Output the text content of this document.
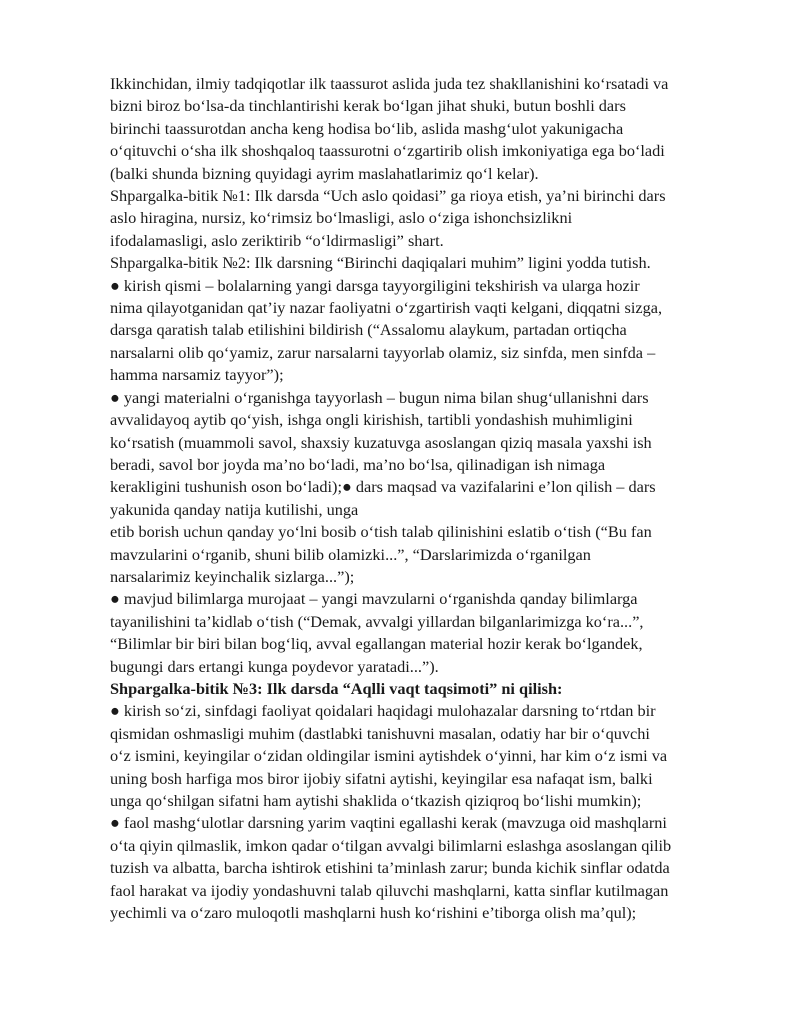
Ikkinchidan, ilmiy tadqiqotlar ilk taassurot aslida juda tez shakllanishini koʻrsatadi va
bizni biroz boʻlsa-da tinchlantirishi kerak boʻlgan jihat shuki, butun boshli dars
birinchi taassurotdan ancha keng hodisa boʻlib, aslida mashgʻulot yakunigacha
oʻqituvchi oʻsha ilk shoshqaloq taassurotni oʻzgartirib olish imkoniyatiga ega boʻladi
(balki shunda bizning quyidagi ayrim maslahatlarimiz qoʻl kelar).
Shpargalka-bitik №1: Ilk darsda “Uch aslo qoidasi” ga rioya etish, ya’ni birinchi dars
aslo hiragina, nursiz, koʻrimsiz boʻlmasligi, aslo oʻziga ishonchsizlikni
ifodalamasligi, aslo zeriktirib “oʻldirmasligi” shart.
Shpargalka-bitik №2: Ilk darsning “Birinchi daqiqalari muhim” ligini yodda tutish.
● kirish qismi – bolalarning yangi darsga tayyorgiligini tekshirish va ularga hozir
nima qilayotganidan qat’iy nazar faoliyatni oʻzgartirish vaqti kelgani, diqqatni sizga,
darsga qaratish talab etilishini bildirish (“Assalomu alaykum, partadan ortiqcha
narsalarni olib qoʻyamiz, zarur narsalarni tayyorlab olamiz, siz sinfda, men sinfda –
hamma narsamiz tayyor”);
● yangi materialni oʻrganishga tayyorlash – bugun nima bilan shugʻullanishni dars
avvalidayoq aytib qoʻyish, ishga ongli kirishish, tartibli yondashish muhimligini
koʻrsatish (muammoli savol, shaxsiy kuzatuvga asoslangan qiziq masala yaxshi ish
beradi, savol bor joyda ma’no boʻladi, ma’no boʻlsa, qilinadigan ish nimaga
kerakligini tushunish oson boʻladi);● dars maqsad va vazifalarini e’lon qilish – dars
yakunida qanday natija kutilishi, unga
etib borish uchun qanday yoʻlni bosib oʻtish talab qilinishini eslatib oʻtish (“Bu fan
mavzularini oʻrganib, shuni bilib olamizki...”, “Darslarimizda oʻrganilgan
narsalarimiz keyinchalik sizlarga...”);
● mavjud bilimlarga murojaat – yangi mavzularni oʻrganishda qanday bilimlarga
tayanilishini ta’kidlab oʻtish (“Demak, avvalgi yillardan bilganlarimizga koʻra...”,
“Bilimlar bir biri bilan bogʻliq, avval egallangan material hozir kerak boʻlgandek,
bugungi dars ertangi kunga poydevor yaratadi...”).
Shpargalka-bitik №3: Ilk darsda “Aqlli vaqt taqsimoti” ni qilish:
● kirish soʻzi, sinfdagi faoliyat qoidalari haqidagi mulohazalar darsning toʻrtdan bir
qismidan oshmasligi muhim (dastlabki tanishuvni masalan, odatiy har bir oʻquvchi
oʻz ismini, keyingilar oʻzidan oldingilar ismini aytishdek oʻyinni, har kim oʻz ismi va
uning bosh harfiga mos biror ijobiy sifatni aytishi, keyingilar esa nafaqat ism, balki
unga qoʻshilgan sifatni ham aytishi shaklida oʻtkazish qiziqroq boʻlishi mumkin);
● faol mashgʻulotlar darsning yarim vaqtini egallashi kerak (mavzuga oid mashqlarni
oʻta qiyin qilmaslik, imkon qadar oʻtilgan avvalgi bilimlarni eslashga asoslangan qilib
tuzish va albatta, barcha ishtirok etishini ta’minlash zarur; bunda kichik sinflar odatda
faol harakat va ijodiy yondashuvni talab qiluvchi mashqlarni, katta sinflar kutilmagan
yechimli va oʻzaro muloqotli mashqlarni hush koʻrishini e’tiborga olish ma’qul);
